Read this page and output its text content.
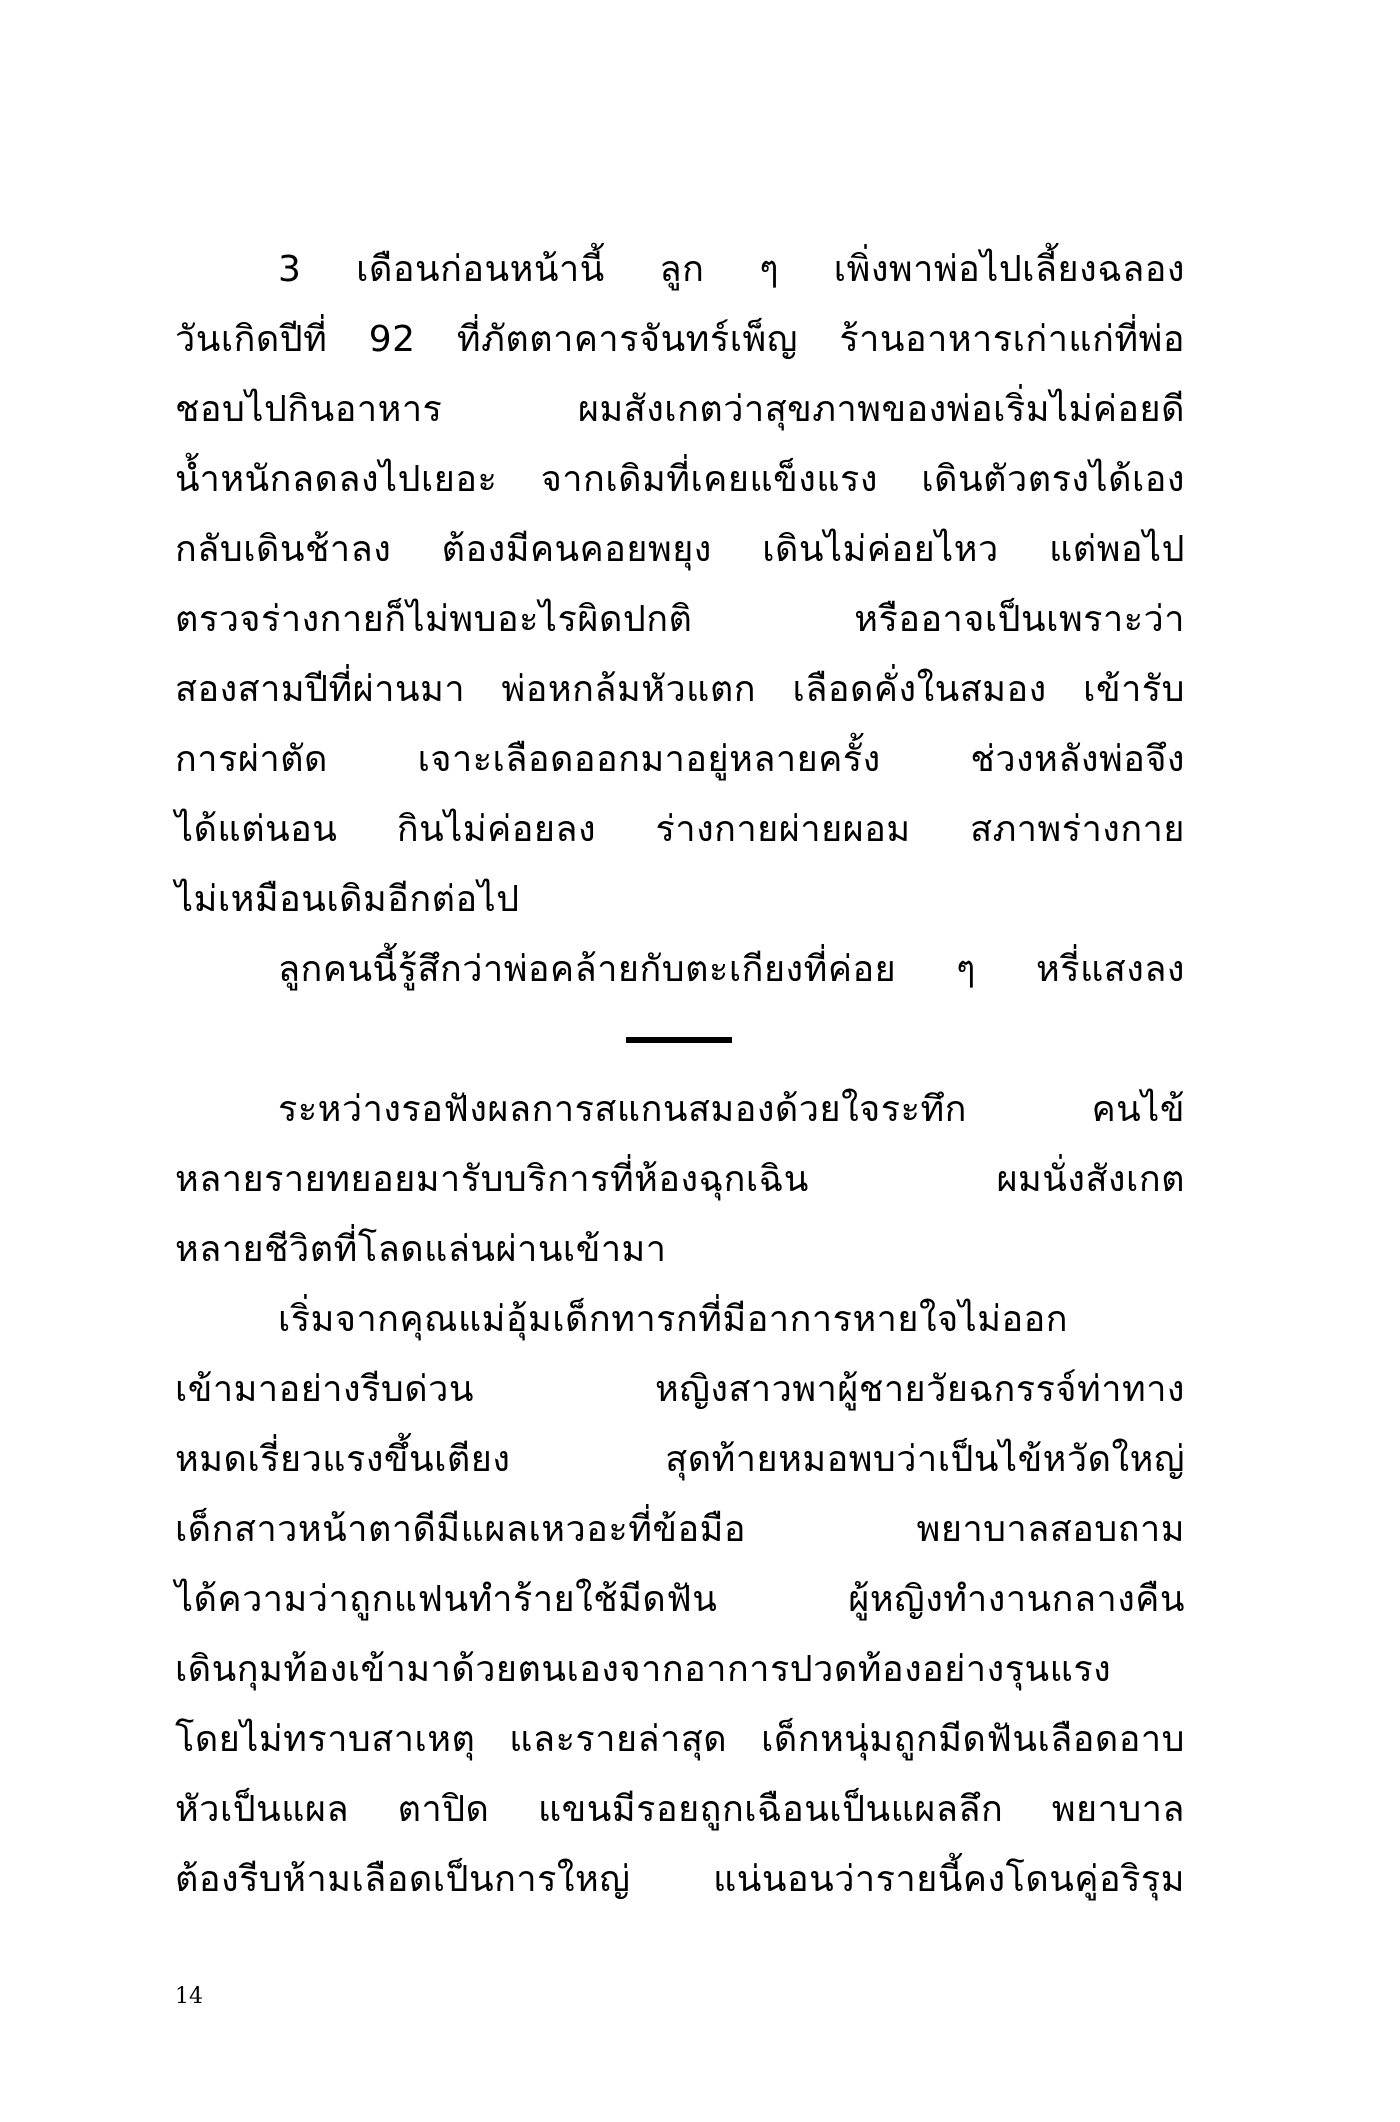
3 เดือนก่อนหน้านี้ ลูก ๆ เพิ่งพาพ่อไปเลี้ยงฉลอง
วันเกิดปีที่ 92 ที่ภัตตาคารจันทร์เพ็ญ ร้านอาหารเก่าแก่ที่พ่อ
ชอบไปกินอาหาร ผมสังเกตว่าสุขภาพของพ่อเริ่มไม่ค่อยดี
น้ำหนักลดลงไปเยอะ จากเดิมที่เคยแข็งแรง เดินตัวตรงได้เอง
กลับเดินช้าลง ต้องมีคนคอยพยุง เดินไม่ค่อยไหว แต่พอไป
ตรวจร่างกายก็ไม่พบอะไรผิดปกติ หรืออาจเป็นเพราะว่า
สองสามปีที่ผ่านมา พ่อหกล้มหัวแตก เลือดคั่งในสมอง เข้ารับ
การผ่าตัด เจาะเลือดออกมาอยู่หลายครั้ง ช่วงหลังพ่อจึง
ได้แต่นอน กินไม่ค่อยลง ร่างกายผ่ายผอม สภาพร่างกาย
ไม่เหมือนเดิมอีกต่อไป
ลูกคนนี้รู้สึกว่าพ่อคล้ายกับตะเกียงที่ค่อย ๆ หรี่แสงลง
ระหว่างรอฟังผลการสแกนสมองด้วยใจระทึก คนไข้
หลายรายทยอยมารับบริการที่ห้องฉุกเฉิน ผมนั่งสังเกต
หลายชีวิตที่โลดแล่นผ่านเข้ามา
เริ่มจากคุณแม่อุ้มเด็กทารกที่มีอาการหายใจไม่ออก
เข้ามาอย่างรีบด่วน หญิงสาวพาผู้ชายวัยฉกรรจ์ท่าทาง
หมดเรี่ยวแรงขึ้นเตียง สุดท้ายหมอพบว่าเป็นไข้หวัดใหญ่
เด็กสาวหน้าตาดีมีแผลเหวอะที่ข้อมือ พยาบาลสอบถาม
ได้ความว่าถูกแฟนทำร้ายใช้มีดฟัน ผู้หญิงทำงานกลางคืน
เดินกุมท้องเข้ามาด้วยตนเองจากอาการปวดท้องอย่างรุนแรง
โดยไม่ทราบสาเหตุ และรายล่าสุด เด็กหนุ่มถูกมีดฟันเลือดอาบ
หัวเป็นแผล ตาปิด แขนมีรอยถูกเฉือนเป็นแผลลึก พยาบาล
ต้องรีบห้ามเลือดเป็นการใหญ่ แน่นอนว่ารายนี้คงโดนคู่อริรุม
14
